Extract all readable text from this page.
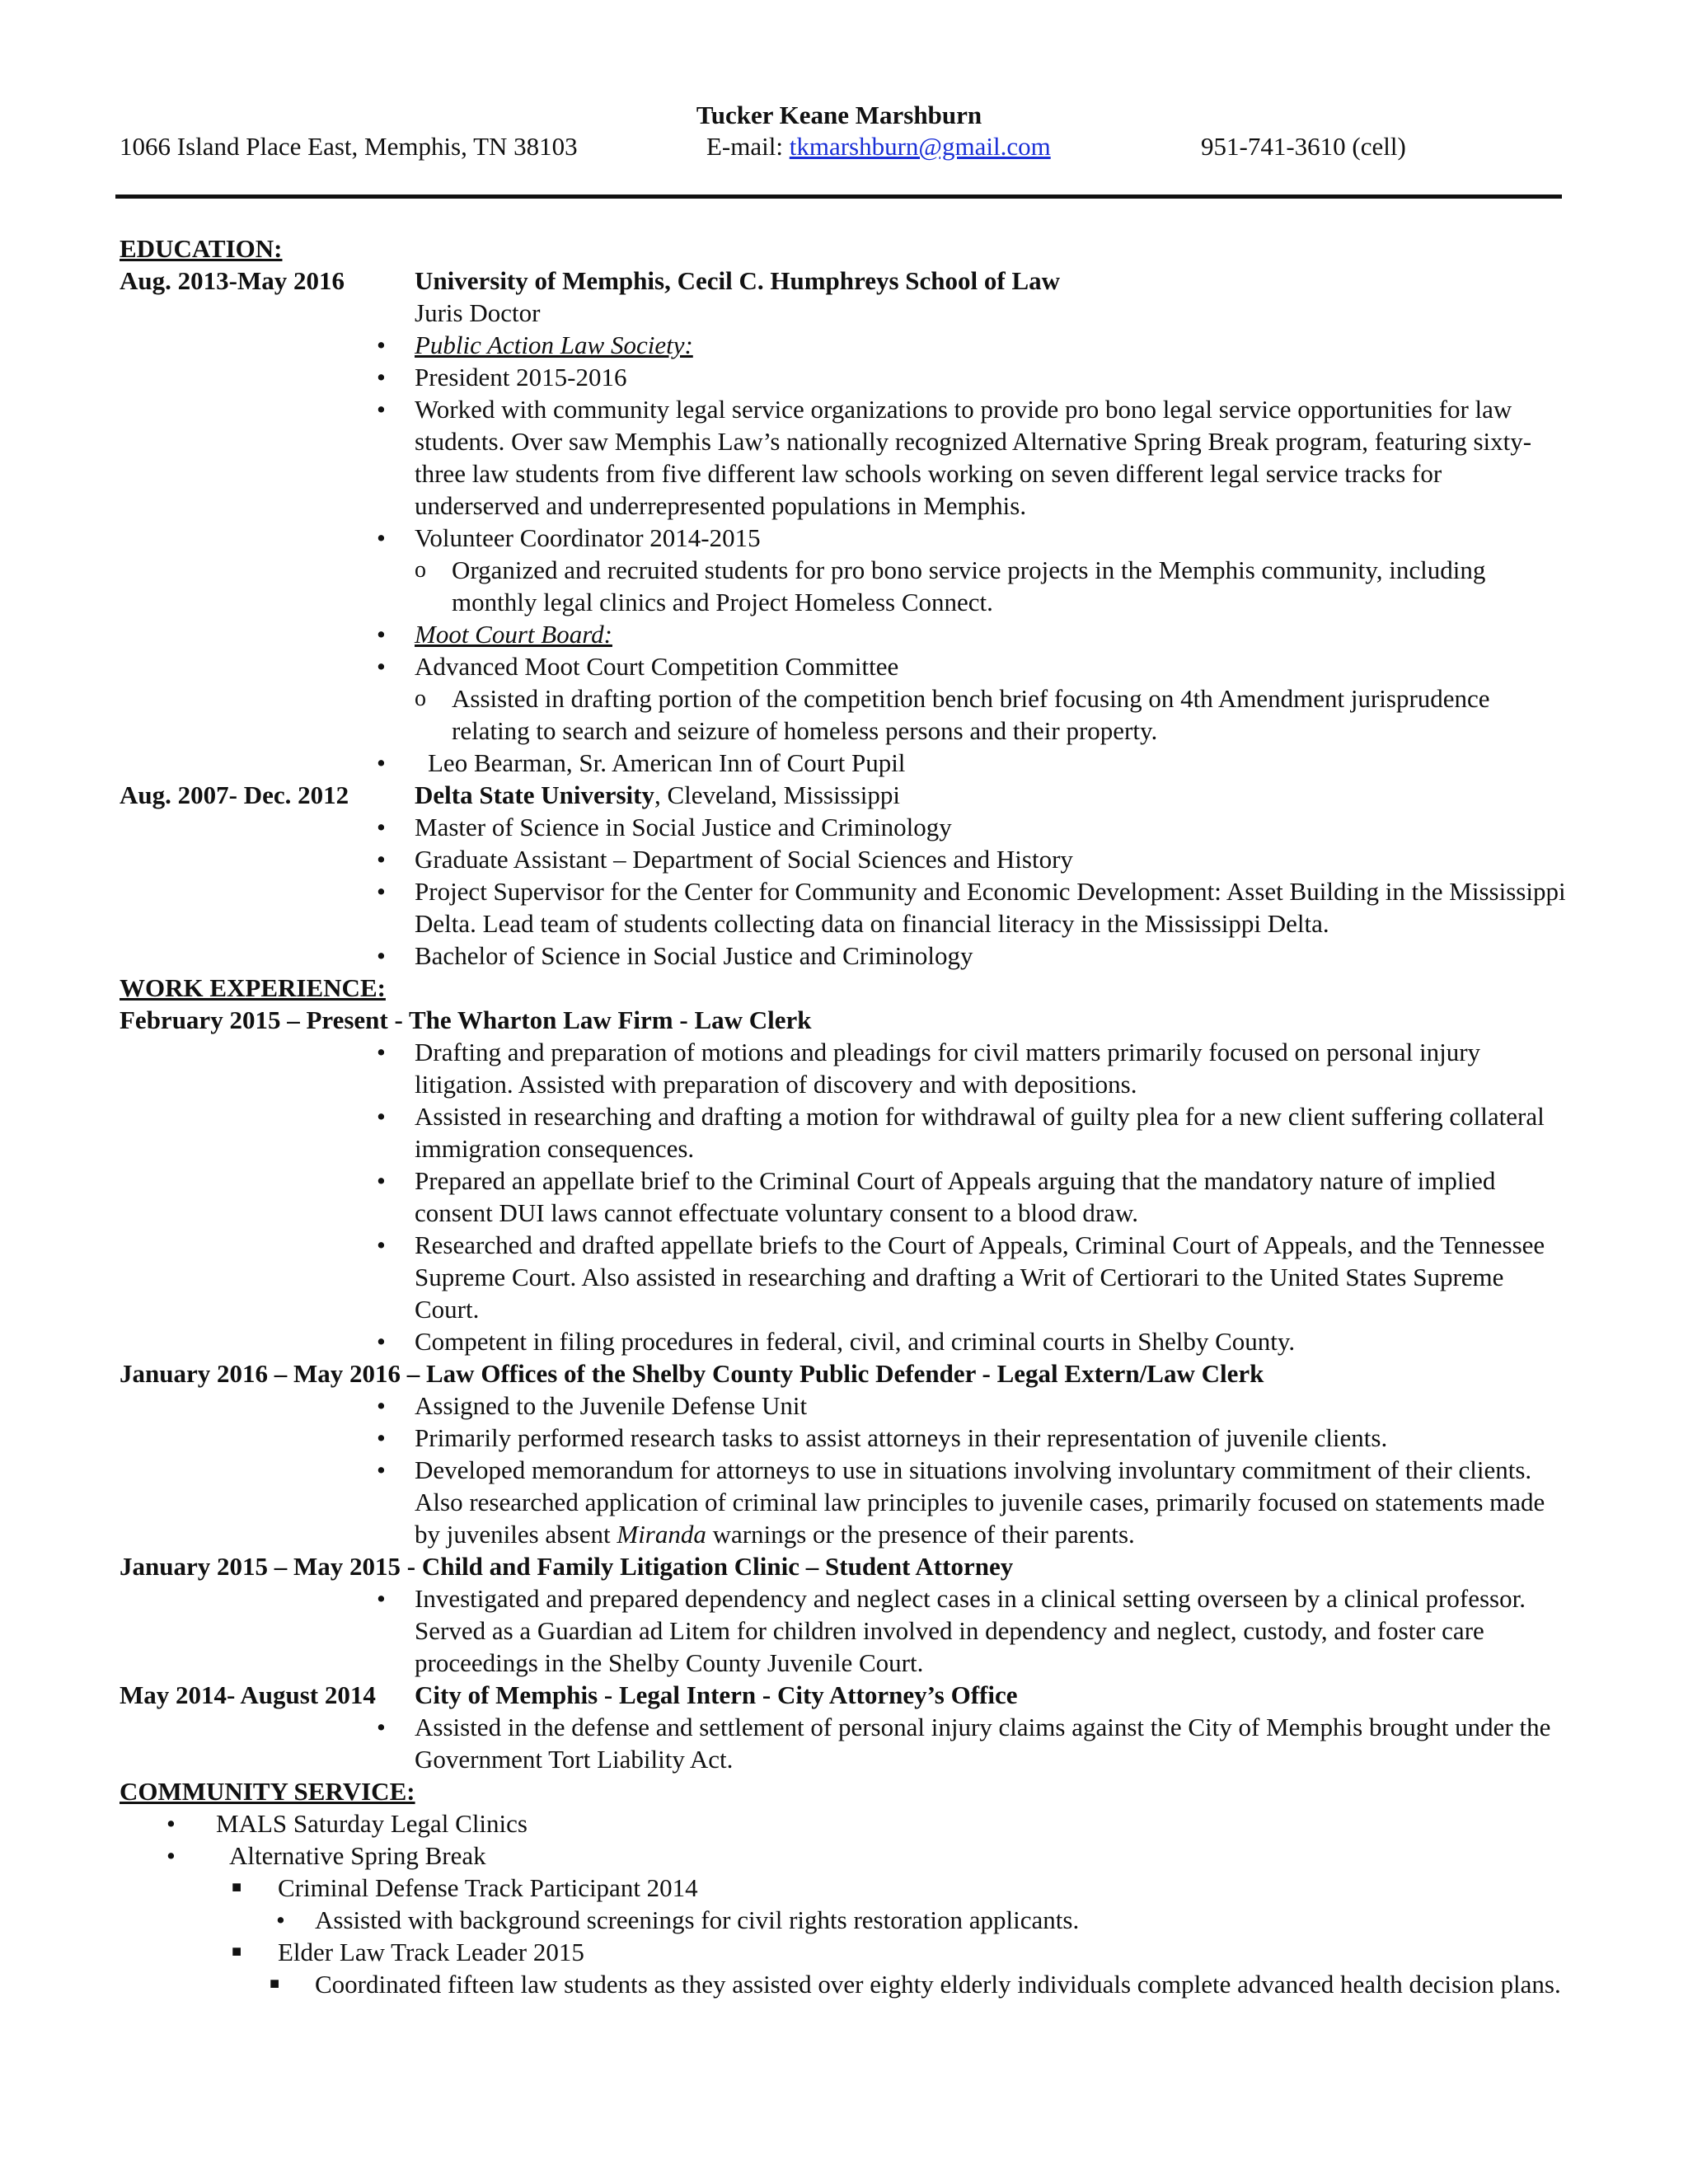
Tucker Keane Marshburn
1066 Island Place East, Memphis, TN 38103	E-mail: tkmarshburn@gmail.com	951-741-3610 (cell)
EDUCATION:
Aug. 2013-May 2016	University of Memphis, Cecil C. Humphreys School of Law
Juris Doctor
• Public Action Law Society:
• President 2015-2016
• Worked with community legal service organizations to provide pro bono legal service opportunities for law students. Over saw Memphis Law’s nationally recognized Alternative Spring Break program, featuring sixty-three law students from five different law schools working on seven different legal service tracks for underserved and underrepresented populations in Memphis.
• Volunteer Coordinator 2014-2015
o Organized and recruited students for pro bono service projects in the Memphis community, including monthly legal clinics and Project Homeless Connect.
• Moot Court Board:
• Advanced Moot Court Competition Committee
o Assisted in drafting portion of the competition bench brief focusing on 4th Amendment jurisprudence relating to search and seizure of homeless persons and their property.
• Leo Bearman, Sr. American Inn of Court Pupil
Aug. 2007- Dec. 2012	Delta State University, Cleveland, Mississippi
• Master of Science in Social Justice and Criminology
• Graduate Assistant – Department of Social Sciences and History
• Project Supervisor for the Center for Community and Economic Development: Asset Building in the Mississippi Delta. Lead team of students collecting data on financial literacy in the Mississippi Delta.
• Bachelor of Science in Social Justice and Criminology
WORK EXPERIENCE:
February 2015 – Present - The Wharton Law Firm - Law Clerk
• Drafting and preparation of motions and pleadings for civil matters primarily focused on personal injury litigation. Assisted with preparation of discovery and with depositions.
• Assisted in researching and drafting a motion for withdrawal of guilty plea for a new client suffering collateral immigration consequences.
• Prepared an appellate brief to the Criminal Court of Appeals arguing that the mandatory nature of implied consent DUI laws cannot effectuate voluntary consent to a blood draw.
• Researched and drafted appellate briefs to the Court of Appeals, Criminal Court of Appeals, and the Tennessee Supreme Court. Also assisted in researching and drafting a Writ of Certiorari to the United States Supreme Court.
• Competent in filing procedures in federal, civil, and criminal courts in Shelby County.
January 2016 – May 2016 – Law Offices of the Shelby County Public Defender - Legal Extern/Law Clerk
• Assigned to the Juvenile Defense Unit
• Primarily performed research tasks to assist attorneys in their representation of juvenile clients.
• Developed memorandum for attorneys to use in situations involving involuntary commitment of their clients. Also researched application of criminal law principles to juvenile cases, primarily focused on statements made by juveniles absent Miranda warnings or the presence of their parents.
January 2015 – May 2015 - Child and Family Litigation Clinic – Student Attorney
• Investigated and prepared dependency and neglect cases in a clinical setting overseen by a clinical professor. Served as a Guardian ad Litem for children involved in dependency and neglect, custody, and foster care proceedings in the Shelby County Juvenile Court.
May 2014- August 2014 City of Memphis - Legal Intern - City Attorney’s Office
• Assisted in the defense and settlement of personal injury claims against the City of Memphis brought under the Government Tort Liability Act.
COMMUNITY SERVICE:
• MALS Saturday Legal Clinics
• Alternative Spring Break
■ Criminal Defense Track Participant 2014
• Assisted with background screenings for civil rights restoration applicants.
■ Elder Law Track Leader 2015
■ Coordinated fifteen law students as they assisted over eighty elderly individuals complete advanced health decision plans.
